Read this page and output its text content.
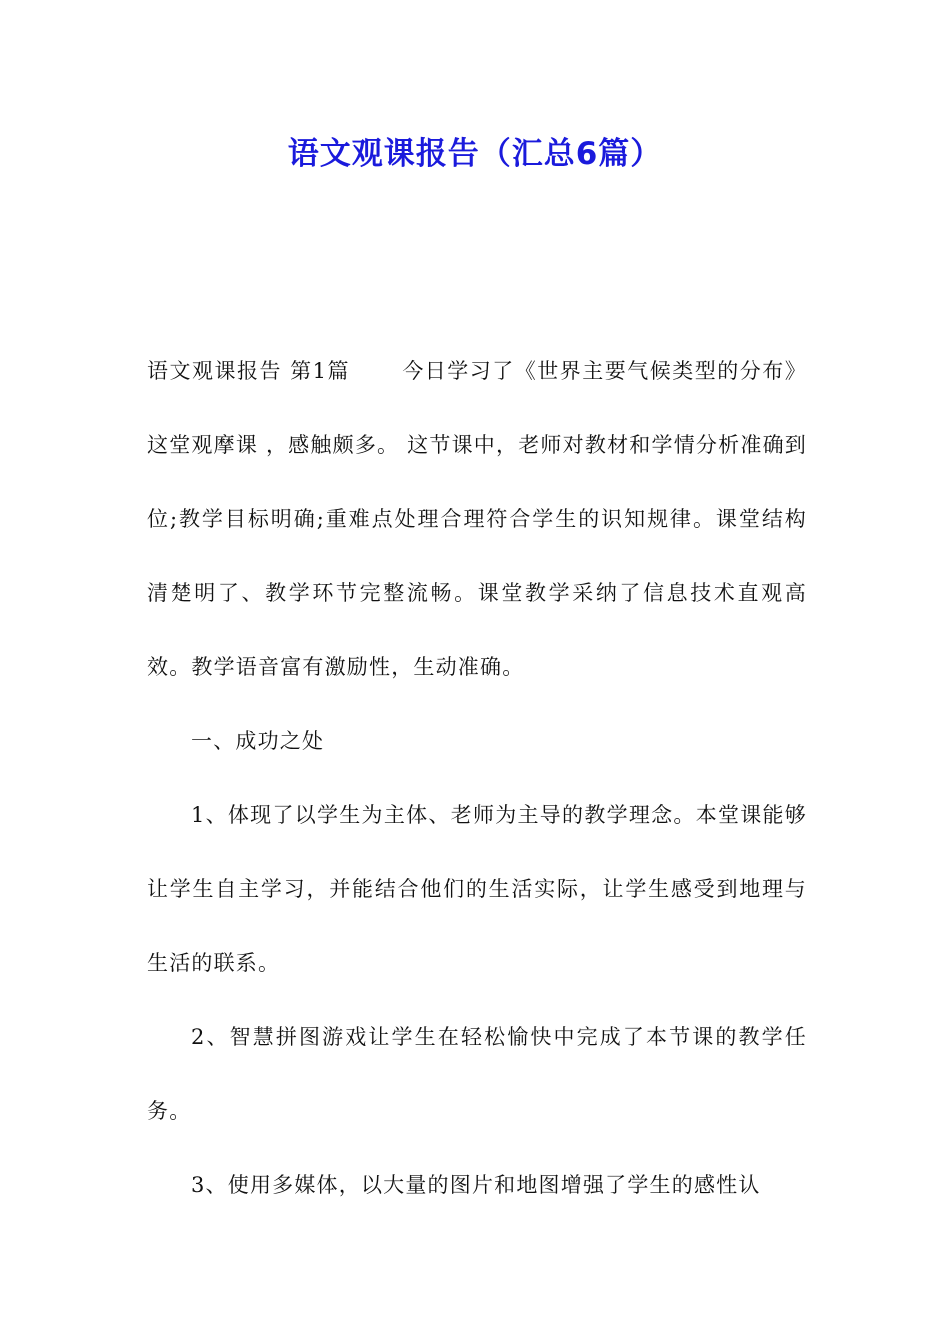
语文观课报告（汇总6篇）

语文观课报告 第1篇 今日学习了《世界主要气候类型的分布》这堂观摩课 ，感触颇多。 这节课中，老师对教材和学情分析准确到位;教学目标明确;重难点处理合理符合学生的识知规律。课堂结构清楚明了、教学环节完整流畅。课堂教学采纳了信息技术直观高效。教学语音富有激励性，生动准确。

一、成功之处

1、体现了以学生为主体、老师为主导的教学理念。本堂课能够让学生自主学习，并能结合他们的生活实际，让学生感受到地理与生活的联系。

2、智慧拼图游戏让学生在轻松愉快中完成了本节课的教学任务。

3、使用多媒体，以大量的图片和地图增强了学生的感性认
